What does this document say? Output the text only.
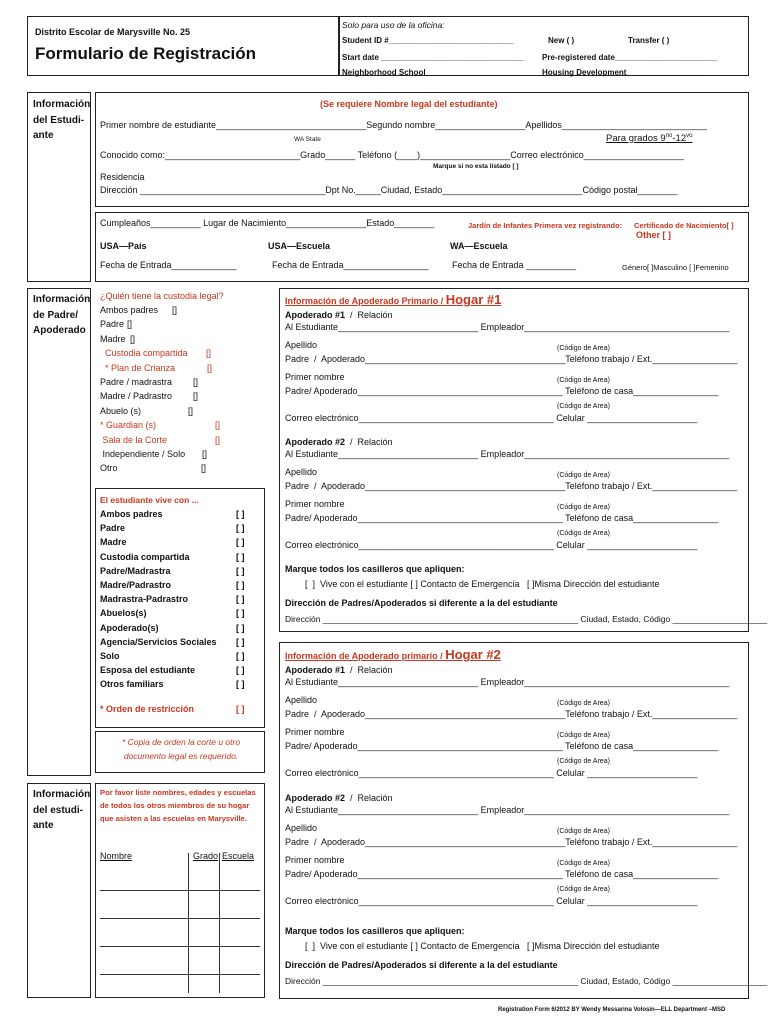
Distrito Escolar de Marysville No. 25
Formulario de Registración
Solo para uso de la oficina:
Student ID #____________________________	New ( )	Transfer ( )
Start date ________________________________ Pre-registered date_______________________
Neighborhood School ____________________	Housing Development ________________
Información del Estudi- ante
(Se requiere Nombre legal del estudiante)
Primer nombre de estudiante______________________________Segundo nombre__________________Apellidos_____________________________
WA State	Para grados $9^{no}-12^{vo}$
Conocido como:___________________________Grado______ Teléfono (____)__________________Correo electrónico____________________
Marque si no esta listado [ ]
Residencia
Dirección _____________________________________Dpt No._____Ciudad, Estado____________________________Código postal________
Cumpleaños__________ Lugar de Nacimiento________________Estado________	Jardín de Infantes Primera vez registrando: Certificado de Nacimiento[ ]
Other [ ]
USA—País	USA—Escuela	WA—Escuela
Fecha de Entrada_____________	Fecha de Entrada_________________	Fecha de Entrada __________	Género[ ]Masculino [ ]Femenino
Información de Padre/ Apoderado
¿Quién tiene la custodia legal?
Ambos padres []
Padre []
Madre []
Custodia compartida []
* Plan de Crianza	[]
Padre / madrastra []
Madre / Padrastro []
Abuelo (s)	[]
* Guardian (s)	[]
Sala de la Corte	[]
Independiente / Solo []
Otro	[]
El estudiante vive con ...
Ambos padres	[ ]
Padre	[ ]
Madre	[ ]
Custodia compartida	[ ]
Padre/Madrastra	[ ]
Madre/Padrastro	[ ]
Madrastra-Padrastro	[ ]
Abuelos(s)	[ ]
Apoderado(s)	[ ]
Agencia/Servicios Sociales [ ]
Solo	[ ]
Esposa del estudiante	[ ]
Otros familiars	[ ]
* Orden de restricción	[ ]
* Copia de orden la corte u otro documento legal es requerido.
Información del estudi- ante
Por favor liste nombres, edades y escuelas de todos los otros miembros de su hogar que asisten a las escuelas en Marysville.
Nombre	Grado Escuela
Información de Apoderado Primario / Hogar #1
Apoderado #1  /  Relación
Al Estudiante____________________________ Empleador_________________________________________
Apellido	(Código de Area)
Padre  /  Apoderado________________________________________Teléfono trabajo / Ext._________________
Primer nombre	(Código de Area)
Padre/ Apoderado_________________________________________ Teléfono de casa_________________
(Código de Area)
Correo electrónico_______________________________________ Celular ______________________
Apoderado #2  /  Relación
Al Estudiante____________________________ Empleador_________________________________________
Apellido	(Código de Area)
Padre  /  Apoderado________________________________________Teléfono trabajo / Ext._________________
Primer nombre	(Código de Area)
Padre/ Apoderado_________________________________________ Teléfono de casa_________________
(Código de Area)
Correo electrónico_______________________________________ Celular ______________________
Marque todos los casilleros que apliquen:
[  ]  Vive con el estudiante [ ] Contacto de Emergencia   [ ]Misma Dirección del estudiante
Dirección de Padres/Apoderados si diferente a la del estudiante
Dirección ______________________________________________________ Ciudad, Estado, Código ____________________
Información de Apoderado primario / Hogar #2
Apoderado #1  /  Relación
Al Estudiante____________________________ Empleador_________________________________________
Apellido	(Código de Area)
Padre  /  Apoderado________________________________________Teléfono trabajo / Ext._________________
Primer nombre	(Código de Area)
Padre/ Apoderado_________________________________________ Teléfono de casa_________________
(Código de Area)
Correo electrónico_______________________________________ Celular ______________________
Apoderado #2  /  Relación
Al Estudiante____________________________ Empleador_________________________________________
Apellido	(Código de Area)
Padre  /  Apoderado________________________________________Teléfono trabajo / Ext._________________
Primer nombre	(Código de Area)
Padre/ Apoderado_________________________________________ Teléfono de casa_________________
(Código de Area)
Correo electrónico_______________________________________ Celular ______________________
Marque todos los casilleros que apliquen:
[  ]  Vive con el estudiante [ ] Contacto de Emergencia   [ ]Misma Dirección del estudiante
Dirección de Padres/Apoderados si diferente a la del estudiante
Dirección ______________________________________________________ Ciudad, Estado, Código ____________________
Registration Form 6/2012 BY Wendy Messarina Volosin—ELL Department –MSD
